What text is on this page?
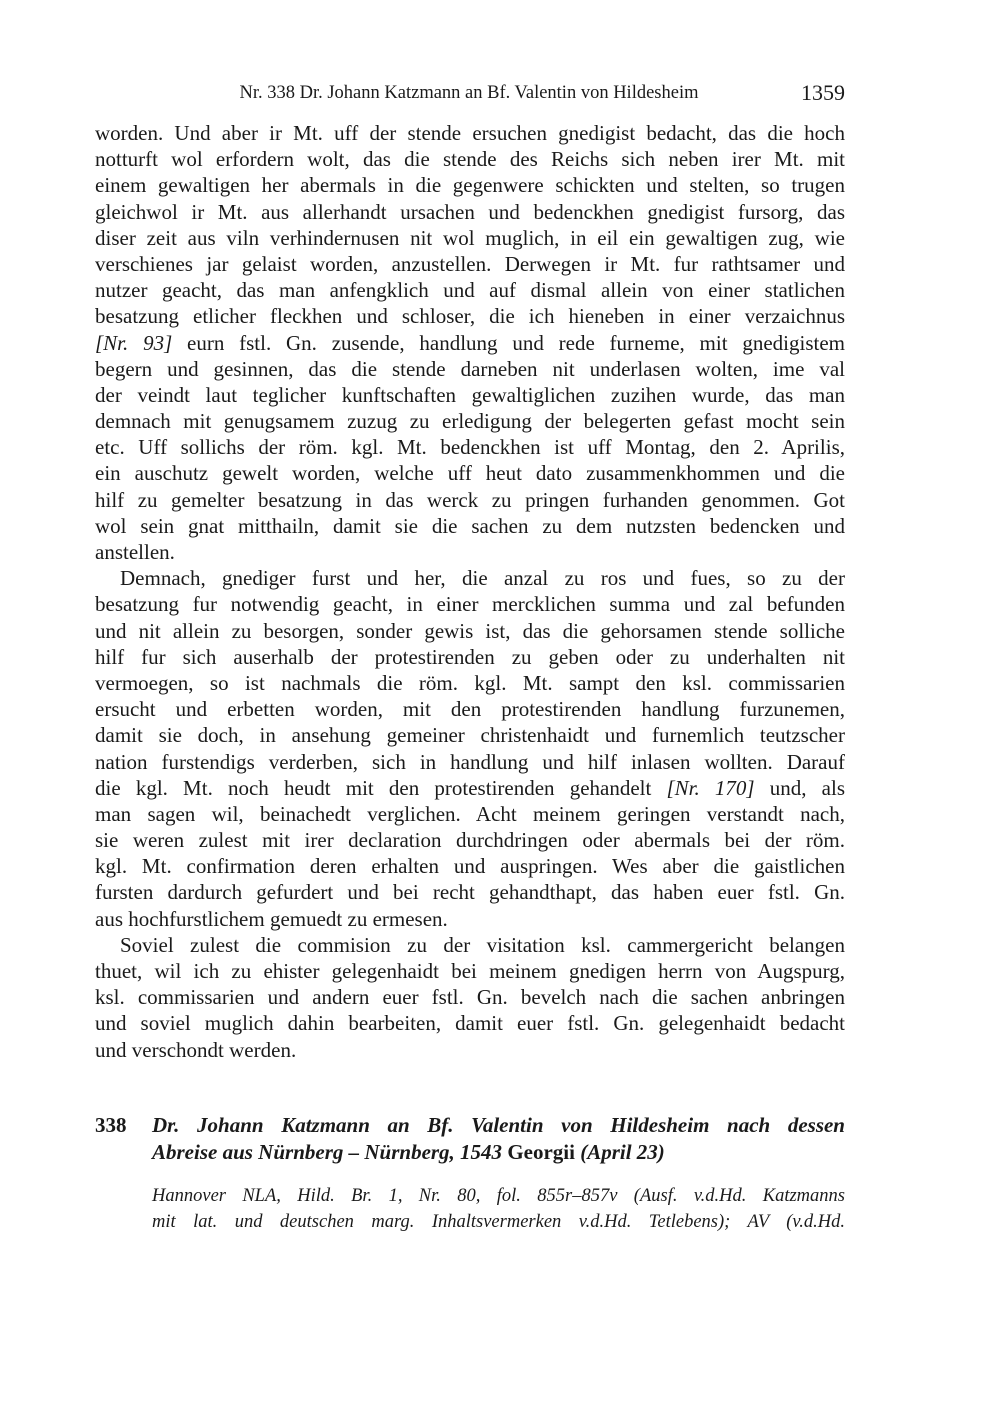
Nr. 338 Dr. Johann Katzmann an Bf. Valentin von Hildesheim	1359
worden. Und aber ir Mt. uff der stende ersuchen gnedigist bedacht, das die hoch
notturft wol erfordern wolt, das die stende des Reichs sich neben irer Mt. mit
einem gewaltigen her abermals in die gegenwere schickten und stelten, so trugen
gleichwol ir Mt. aus allerhandt ursachen und bedenckhen gnedigist fursorg, das
diser zeit aus viln verhindernusen nit wol muglich, in eil ein gewaltigen zug, wie
verschienes jar gelaist worden, anzustellen. Derwegen ir Mt. fur rathtsamer und
nutzer geacht, das man anfengklich und auf dismal allein von einer statlichen
besatzung etlicher fleckhen und schloser, die ich hieneben in einer verzaichnus
[Nr. 93] eurn fstl. Gn. zusende, handlung und rede furneme, mit gnedigistem
begern und gesinnen, das die stende darneben nit underlasen wolten, ime val
der veindt laut teglicher kunftschaften gewaltiglichen zuzihen wurde, das man
demnach mit genugsamem zuzug zu erledigung der belegerten gefast mocht sein
etc. Uff sollichs der röm. kgl. Mt. bedenckhen ist uff Montag, den 2. Aprilis,
ein auschutz gewelt worden, welche uff heut dato zusammenkhommen und die
hilf zu gemelter besatzung in das werck zu pringen furhanden genommen. Got
wol sein gnat mitthailn, damit sie die sachen zu dem nutzsten bedencken und
anstellen.
Demnach, gnediger furst und her, die anzal zu ros und fues, so zu der
besatzung fur notwendig geacht, in einer mercklichen summa und zal befunden
und nit allein zu besorgen, sonder gewis ist, das die gehorsamen stende solliche
hilf fur sich auserhalb der protestirenden zu geben oder zu underhalten nit
vermoegen, so ist nachmals die röm. kgl. Mt. sampt den ksl. commissarien
ersucht und erbetten worden, mit den protestirenden handlung furzunemen,
damit sie doch, in ansehung gemeiner christenhaidt und furnemlich teutzscher
nation furstendigs verderben, sich in handlung und hilf inlasen wollten. Darauf
die kgl. Mt. noch heudt mit den protestirenden gehandelt [Nr. 170] und, als
man sagen wil, beinachedt verglichen. Acht meinem geringen verstandt nach,
sie weren zulest mit irer declaration durchdringen oder abermals bei der röm.
kgl. Mt. confirmation deren erhalten und auspringen. Wes aber die gaistlichen
fursten dardurch gefurdert und bei recht gehandthapt, das haben euer fstl. Gn.
aus hochfurstlichem gemuedt zu ermesen.
Soviel zulest die commision zu der visitation ksl. cammergericht belangen
thuet, wil ich zu ehister gelegenhaidt bei meinem gnedigen herrn von Augspurg,
ksl. commissarien und andern euer fstl. Gn. bevelch nach die sachen anbringen
und soviel muglich dahin bearbeiten, damit euer fstl. Gn. gelegenhaidt bedacht
und verschondt werden.
338 Dr. Johann Katzmann an Bf. Valentin von Hildesheim nach dessen
Abreise aus Nürnberg – Nürnberg, 1543 Georgii (April 23)
Hannover NLA, Hild. Br. 1, Nr. 80, fol. 855r–857v (Ausf. v.d.Hd. Katzmanns
mit lat. und deutschen marg. Inhaltsvermerken v.d.Hd. Tetlebens); AV (v.d.Hd.
